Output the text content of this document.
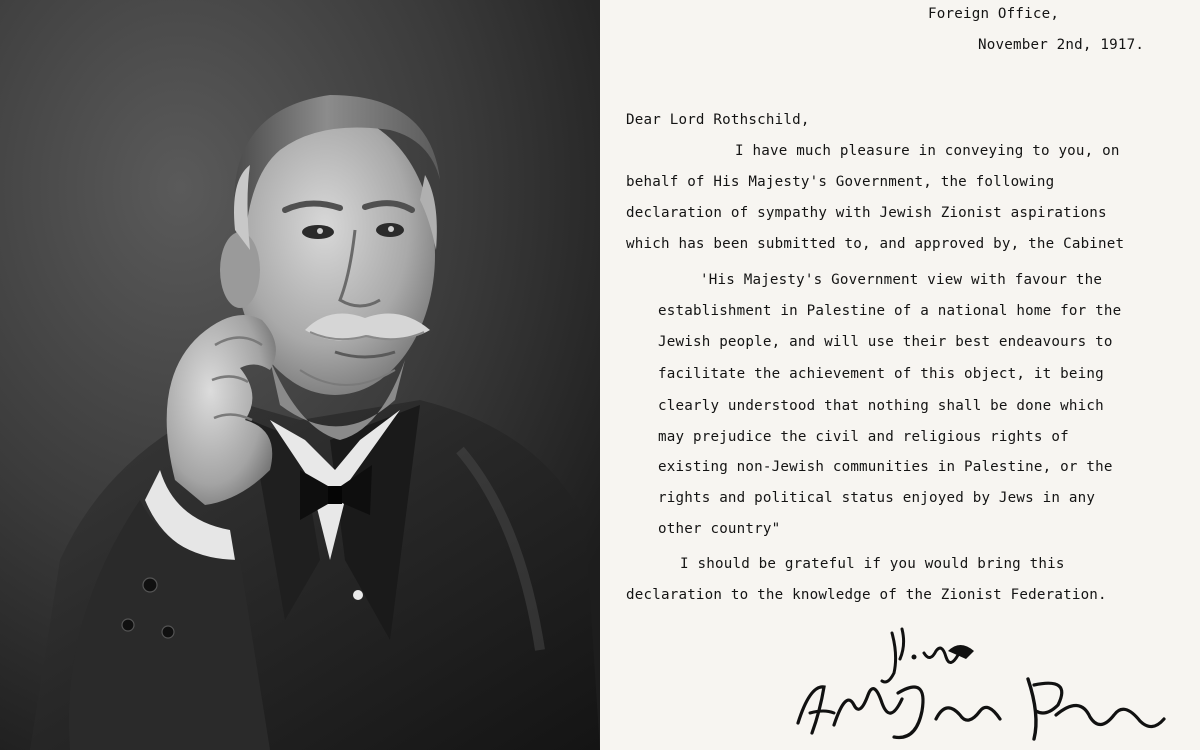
Foreign Office,
November 2nd, 1917.
Dear Lord Rothschild,
I have much pleasure in conveying to you, on
behalf of His Majesty's Government, the following
declaration of sympathy with Jewish Zionist aspirations
which has been submitted to, and approved by, the Cabinet
'His Majesty's Government view with favour the
establishment in Palestine of a national home for the
Jewish people, and will use their best endeavours to
facilitate the achievement of this object, it being
clearly understood that nothing shall be done which
may prejudice the civil and religious rights of
existing non-Jewish communities in Palestine, or the
rights and political status enjoyed by Jews in any
other country"
I should be grateful if you would bring this
declaration to the knowledge of the Zionist Federation.
